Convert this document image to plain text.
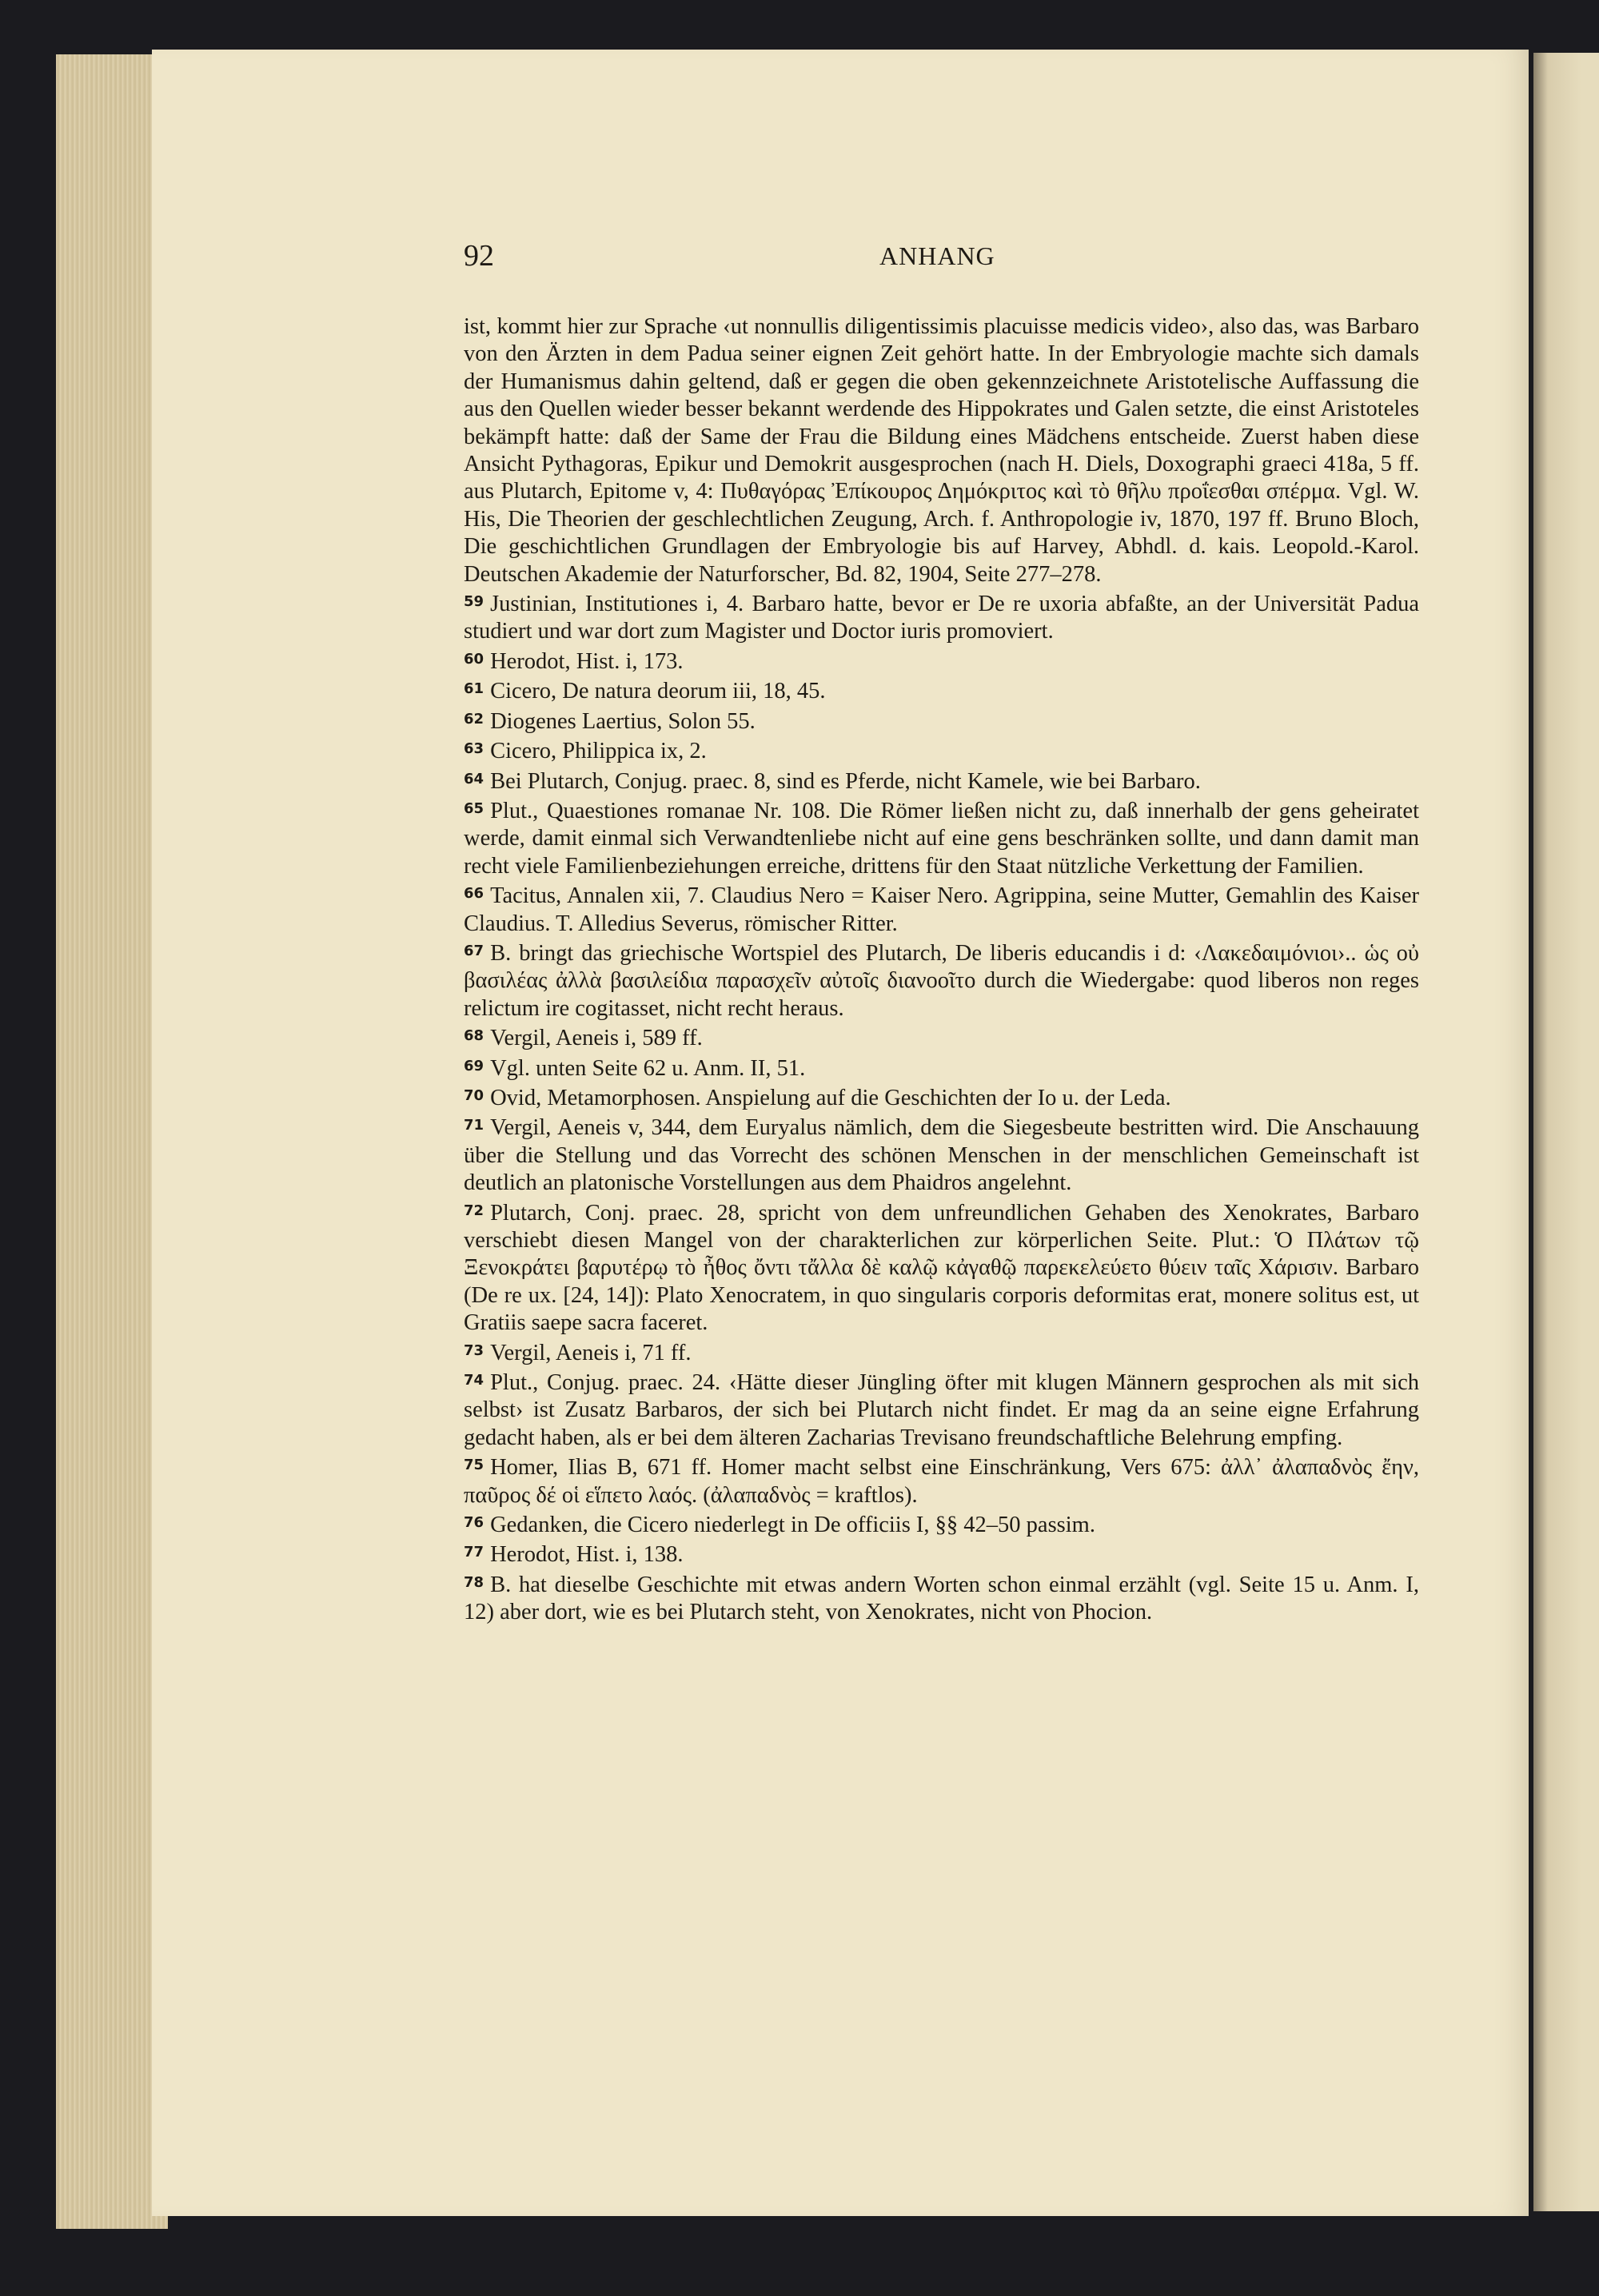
92	ANHANG

ist, kommt hier zur Sprache ‹ut nonnullis diligentissimis placuisse medicis video›, also das, was Barbaro von den Ärzten in dem Padua seiner eignen Zeit gehört hatte. In der Embryologie machte sich damals der Humanismus dahin geltend, daß er gegen die oben gekennzeichnete Aristotelische Auffassung die aus den Quellen wieder besser bekannt werdende des Hippokrates und Galen setzte, die einst Aristoteles bekämpft hatte: daß der Same der Frau die Bildung eines Mädchens entscheide. Zuerst haben diese Ansicht Pythagoras, Epikur und Demokrit ausgesprochen (nach H. Diels, Doxographi graeci 418a, 5 ff. aus Plutarch, Epitome v, 4: Πυθαγόρας Ἐπίκουρος Δημόκριτος καὶ τὸ θῆλυ προΐεσθαι σπέρμα. Vgl. W. His, Die Theorien der geschlechtlichen Zeugung, Arch. f. Anthropologie iv, 1870, 197 ff. Bruno Bloch, Die geschichtlichen Grundlagen der Embryologie bis auf Harvey, Abhdl. d. kais. Leopold.-Karol. Deutschen Akademie der Naturforscher, Bd. 82, 1904, Seite 277–278.

$^{59}$ Justinian, Institutiones i, 4. Barbaro hatte, bevor er De re uxoria abfaßte, an der Universität Padua studiert und war dort zum Magister und Doctor iuris promoviert.

$^{60}$ Herodot, Hist. i, 173.

$^{61}$ Cicero, De natura deorum iii, 18, 45.

$^{62}$ Diogenes Laertius, Solon 55.

$^{63}$ Cicero, Philippica ix, 2.

$^{64}$ Bei Plutarch, Conjug. praec. 8, sind es Pferde, nicht Kamele, wie bei Barbaro.

$^{65}$ Plut., Quaestiones romanae Nr. 108. Die Römer ließen nicht zu, daß innerhalb der gens geheiratet werde, damit einmal sich Verwandtenliebe nicht auf eine gens beschränken sollte, und dann damit man recht viele Familienbeziehungen erreiche, drittens für den Staat nützliche Verkettung der Familien.

$^{66}$ Tacitus, Annalen xii, 7. Claudius Nero = Kaiser Nero. Agrippina, seine Mutter, Gemahlin des Kaiser Claudius. T. Alledius Severus, römischer Ritter.

$^{67}$ B. bringt das griechische Wortspiel des Plutarch, De liberis educandis i d: ‹Λακεδαιμόνιοι›.. ὡς οὐ βασιλέας ἀλλὰ βασιλείδια παρασχεῖν αὐτοῖς διανοοῖτο durch die Wiedergabe: quod liberos non reges relictum ire cogitasset, nicht recht heraus.

$^{68}$ Vergil, Aeneis i, 589 ff.

$^{69}$ Vgl. unten Seite 62 u. Anm. II, 51.

$^{70}$ Ovid, Metamorphosen. Anspielung auf die Geschichten der Io u. der Leda.

$^{71}$ Vergil, Aeneis v, 344, dem Euryalus nämlich, dem die Siegesbeute bestritten wird. Die Anschauung über die Stellung und das Vorrecht des schönen Menschen in der menschlichen Gemeinschaft ist deutlich an platonische Vorstellungen aus dem Phaidros angelehnt.

$^{72}$ Plutarch, Conj. praec. 28, spricht von dem unfreundlichen Gehaben des Xenokrates, Barbaro verschiebt diesen Mangel von der charakterlichen zur körperlichen Seite. Plut.: Ὁ Πλάτων τῷ Ξενοκράτει βαρυτέρῳ τὸ ἦθος ὄντι τἄλλα δὲ καλῷ κἀγαθῷ παρεκελεύετο θύειν ταῖς Χάρισιν. Barbaro (De re ux. [24, 14]): Plato Xenocratem, in quo singularis corporis deformitas erat, monere solitus est, ut Gratiis saepe sacra faceret.

$^{73}$ Vergil, Aeneis i, 71 ff.

$^{74}$ Plut., Conjug. praec. 24. ‹Hätte dieser Jüngling öfter mit klugen Männern gesprochen als mit sich selbst› ist Zusatz Barbaros, der sich bei Plutarch nicht findet. Er mag da an seine eigne Erfahrung gedacht haben, als er bei dem älteren Zacharias Trevisano freundschaftliche Belehrung empfing.

$^{75}$ Homer, Ilias B, 671 ff. Homer macht selbst eine Einschränkung, Vers 675: ἀλλ᾽ ἀλαπαδνὸς ἔην, παῦρος δέ οἱ εἵπετο λαός. (ἀλαπαδνὸς = kraftlos).

$^{76}$ Gedanken, die Cicero niederlegt in De officiis I, §§ 42–50 passim.

$^{77}$ Herodot, Hist. i, 138.

$^{78}$ B. hat dieselbe Geschichte mit etwas andern Worten schon einmal erzählt (vgl. Seite 15 u. Anm. I, 12) aber dort, wie es bei Plutarch steht, von Xenokrates, nicht von Phocion.
